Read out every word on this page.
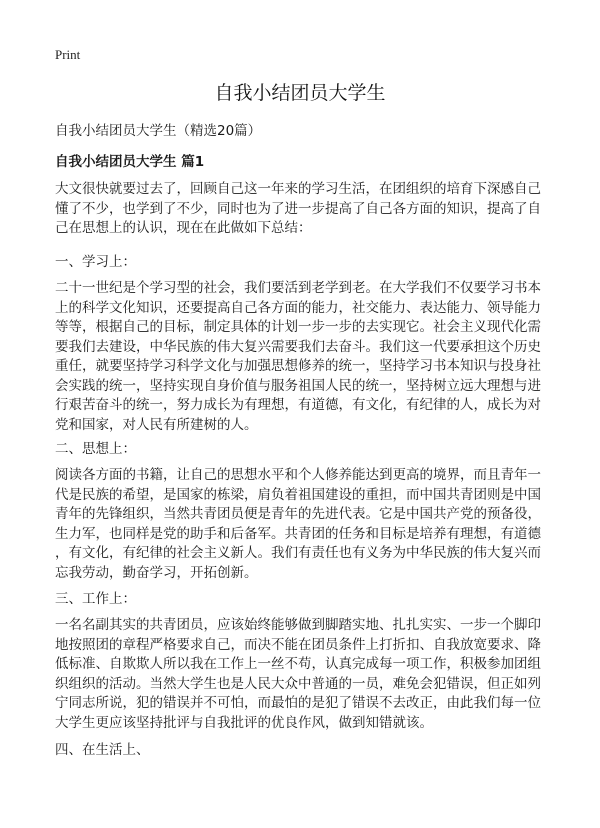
Print
自我小结团员大学生

自我小结团员大学生（精选20篇）

自我小结团员大学生 篇1

大文很快就要过去了，回顾自己这一年来的学习生活，在团组织的培育下深感自己
懂了不少，也学到了不少，同时也为了进一步提高了自己各方面的知识，提高了自
己在思想上的认识，现在在此做如下总结：

一、学习上：

二十一世纪是个学习型的社会，我们要活到老学到老。在大学我们不仅要学习书本
上的科学文化知识，还要提高自己各方面的能力，社交能力、表达能力、领导能力
等等，根据自己的目标，制定具体的计划一步一步的去实现它。社会主义现代化需
要我们去建设，中华民族的伟大复兴需要我们去奋斗。我们这一代要承担这个历史
重任，就要坚持学习科学文化与加强思想修养的统一，坚持学习书本知识与投身社
会实践的统一，坚持实现自身价值与服务祖国人民的统一，坚持树立远大理想与进
行艰苦奋斗的统一，努力成长为有理想，有道德，有文化，有纪律的人，成长为对
党和国家，对人民有所建树的人。

二、思想上：

阅读各方面的书籍，让自己的思想水平和个人修养能达到更高的境界，而且青年一
代是民族的希望，是国家的栋梁，肩负着祖国建设的重担，而中国共青团则是中国
青年的先锋组织，当然共青团员便是青年的先进代表。它是中国共产党的预备役，
生力军，也同样是党的助手和后备军。共青团的任务和目标是培养有理想，有道德
，有文化，有纪律的社会主义新人。我们有责任也有义务为中华民族的伟大复兴而
忘我劳动，勤奋学习，开拓创新。

三、工作上：

一名名副其实的共青团员，应该始终能够做到脚踏实地、扎扎实实、一步一个脚印
地按照团的章程严格要求自己，而决不能在团员条件上打折扣、自我放宽要求、降
低标准、自欺欺人所以我在工作上一丝不苟，认真完成每一项工作，积极参加团组
织组织的活动。当然大学生也是人民大众中普通的一员，难免会犯错误，但正如列
宁同志所说，犯的错误并不可怕，而最怕的是犯了错误不去改正，由此我们每一位
大学生更应该坚持批评与自我批评的优良作风，做到知错就该。

四、在生活上、
